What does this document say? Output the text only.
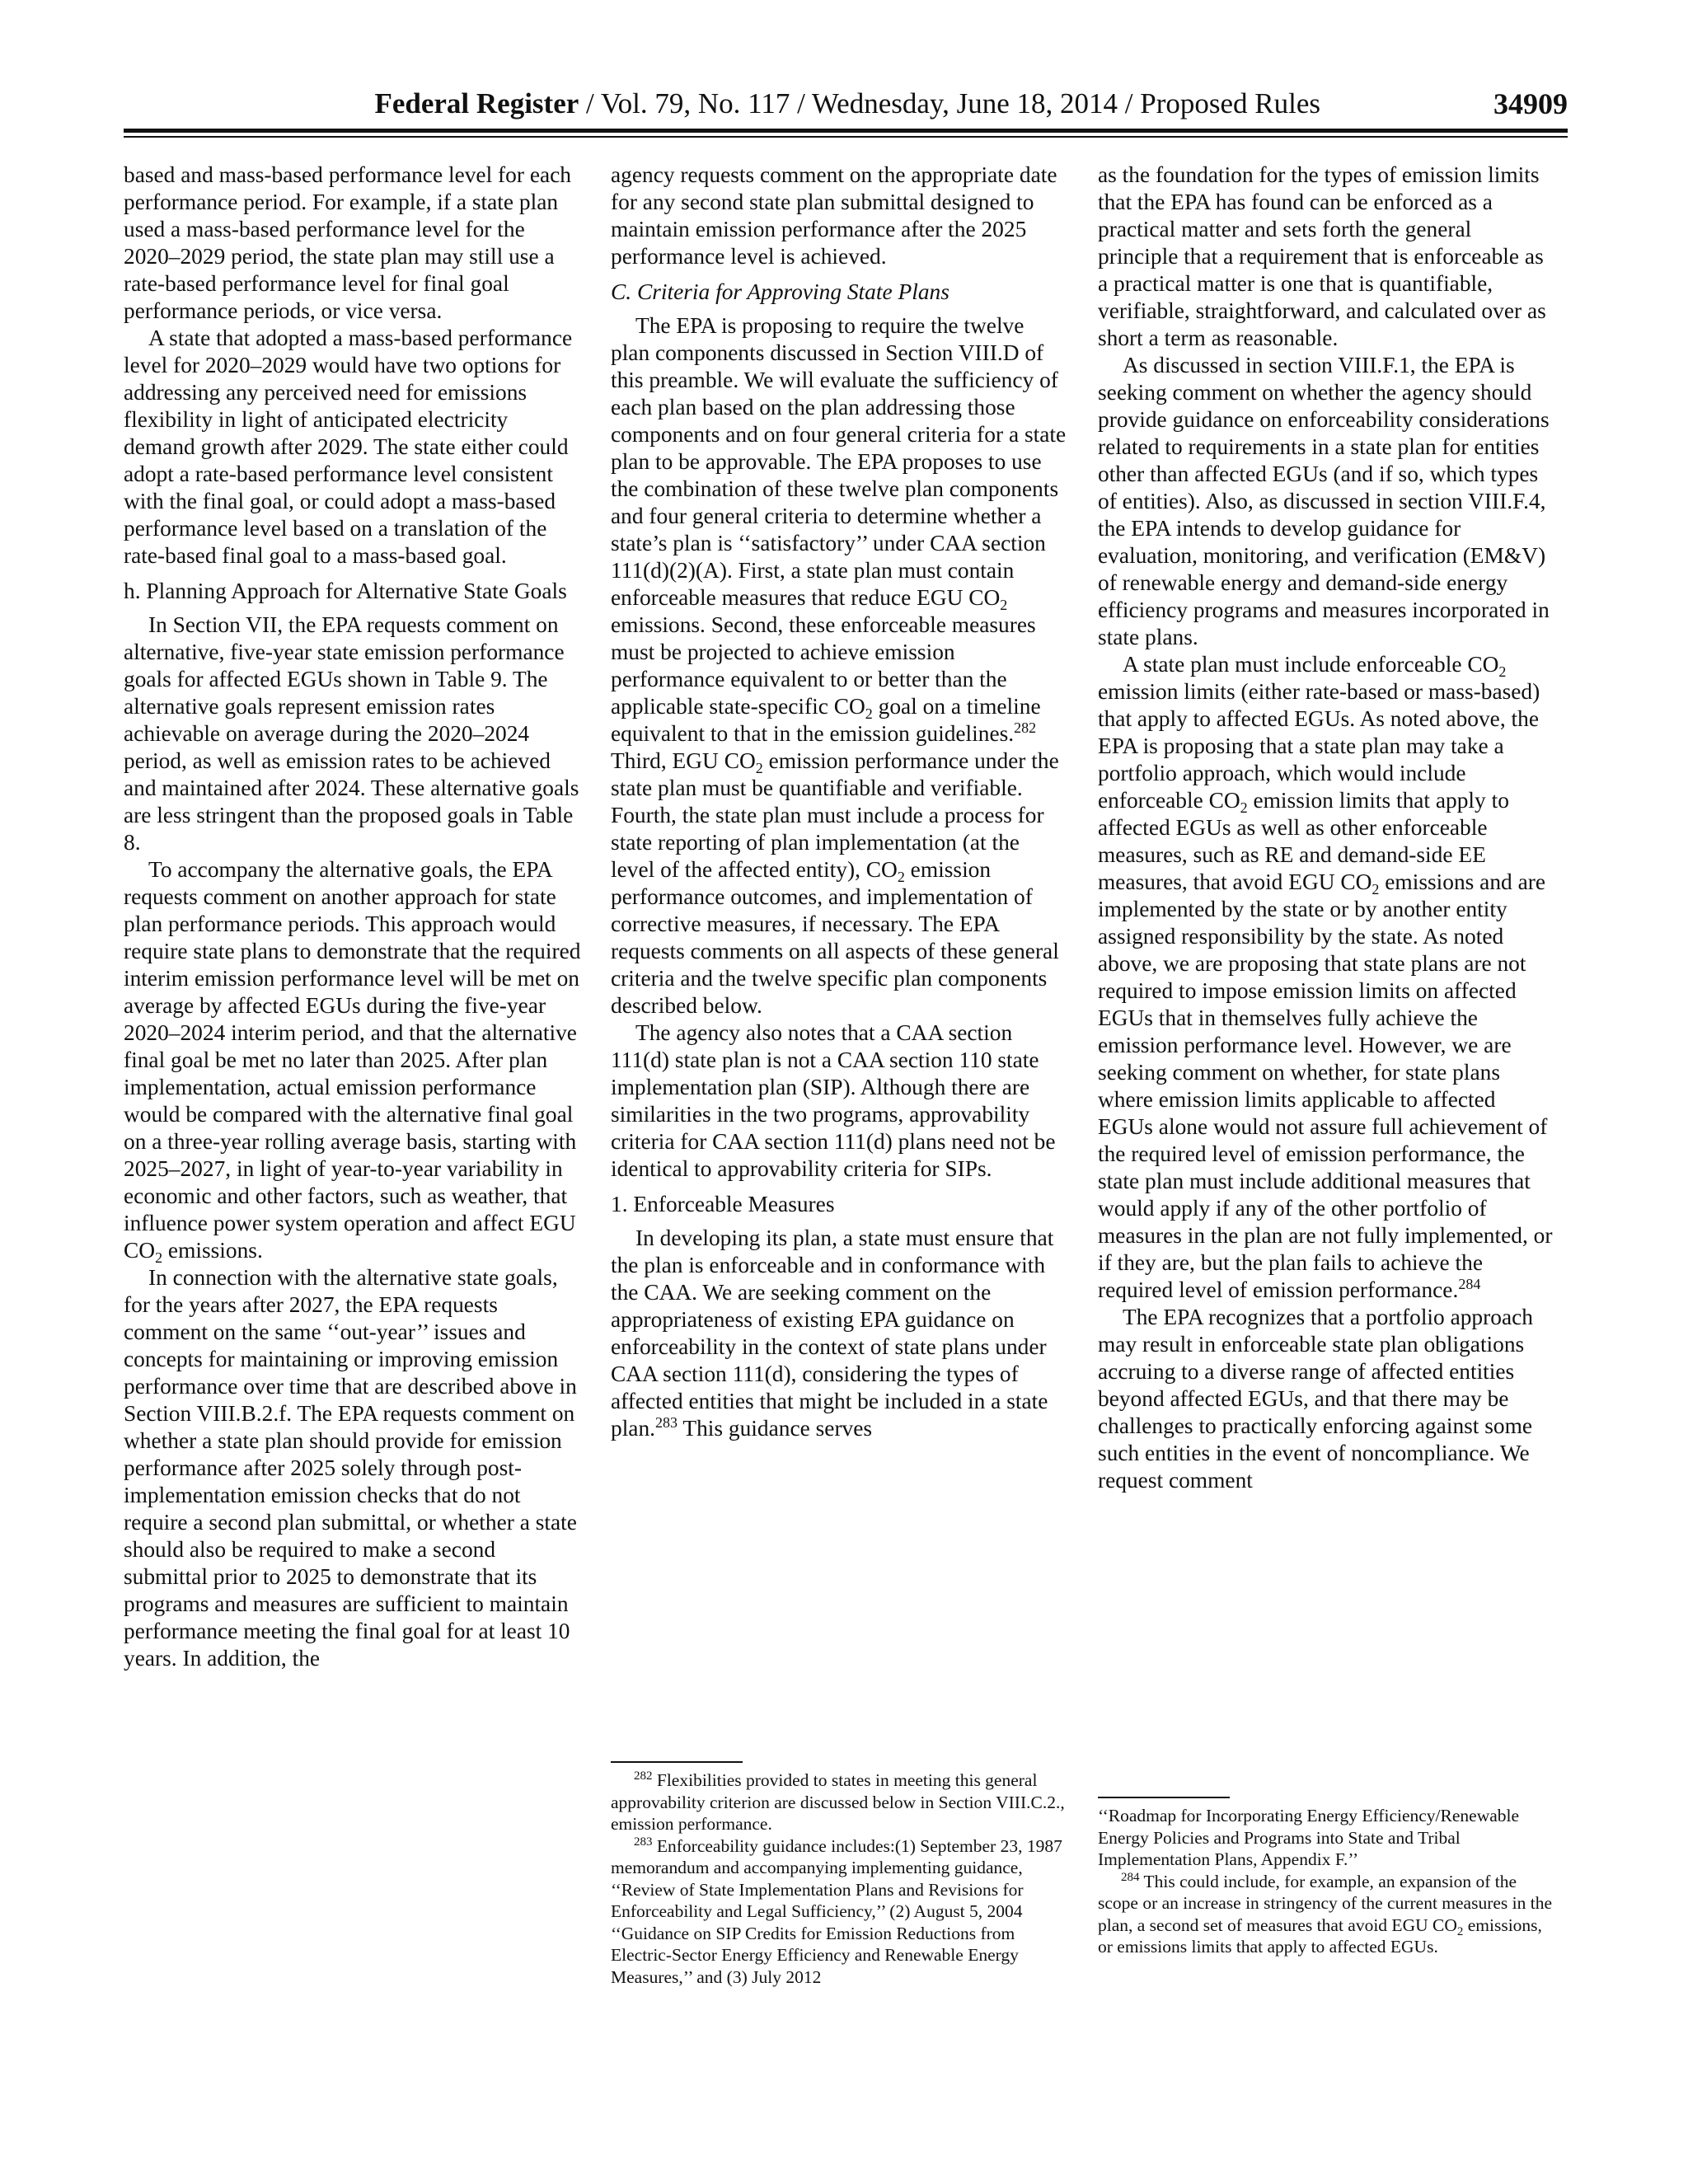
Federal Register / Vol. 79, No. 117 / Wednesday, June 18, 2014 / Proposed Rules	34909

based and mass-based performance level for each performance period. For example, if a state plan used a mass-based performance level for the 2020–2029 period, the state plan may still use a rate-based performance level for final goal performance periods, or vice versa.

A state that adopted a mass-based performance level for 2020–2029 would have two options for addressing any perceived need for emissions flexibility in light of anticipated electricity demand growth after 2029. The state either could adopt a rate-based performance level consistent with the final goal, or could adopt a mass-based performance level based on a translation of the rate-based final goal to a mass-based goal.

h. Planning Approach for Alternative State Goals

In Section VII, the EPA requests comment on alternative, five-year state emission performance goals for affected EGUs shown in Table 9. The alternative goals represent emission rates achievable on average during the 2020–2024 period, as well as emission rates to be achieved and maintained after 2024. These alternative goals are less stringent than the proposed goals in Table 8.

To accompany the alternative goals, the EPA requests comment on another approach for state plan performance periods. This approach would require state plans to demonstrate that the required interim emission performance level will be met on average by affected EGUs during the five-year 2020–2024 interim period, and that the alternative final goal be met no later than 2025. After plan implementation, actual emission performance would be compared with the alternative final goal on a three-year rolling average basis, starting with 2025–2027, in light of year-to-year variability in economic and other factors, such as weather, that influence power system operation and affect EGU $CO_2$ emissions.

In connection with the alternative state goals, for the years after 2027, the EPA requests comment on the same ‘‘out-year’’ issues and concepts for maintaining or improving emission performance over time that are described above in Section VIII.B.2.f. The EPA requests comment on whether a state plan should provide for emission performance after 2025 solely through post-implementation emission checks that do not require a second plan submittal, or whether a state should also be required to make a second submittal prior to 2025 to demonstrate that its programs and measures are sufficient to maintain performance meeting the final goal for at least 10 years. In addition, the

agency requests comment on the appropriate date for any second state plan submittal designed to maintain emission performance after the 2025 performance level is achieved.

C. Criteria for Approving State Plans

The EPA is proposing to require the twelve plan components discussed in Section VIII.D of this preamble. We will evaluate the sufficiency of each plan based on the plan addressing those components and on four general criteria for a state plan to be approvable. The EPA proposes to use the combination of these twelve plan components and four general criteria to determine whether a state’s plan is ‘‘satisfactory’’ under CAA section 111(d)(2)(A). First, a state plan must contain enforceable measures that reduce EGU $CO_2$ emissions. Second, these enforceable measures must be projected to achieve emission performance equivalent to or better than the applicable state-specific $CO_2$ goal on a timeline equivalent to that in the emission guidelines.$^{282}$ Third, EGU $CO_2$ emission performance under the state plan must be quantifiable and verifiable. Fourth, the state plan must include a process for state reporting of plan implementation (at the level of the affected entity), $CO_2$ emission performance outcomes, and implementation of corrective measures, if necessary. The EPA requests comments on all aspects of these general criteria and the twelve specific plan components described below.

The agency also notes that a CAA section 111(d) state plan is not a CAA section 110 state implementation plan (SIP). Although there are similarities in the two programs, approvability criteria for CAA section 111(d) plans need not be identical to approvability criteria for SIPs.

1. Enforceable Measures

In developing its plan, a state must ensure that the plan is enforceable and in conformance with the CAA. We are seeking comment on the appropriateness of existing EPA guidance on enforceability in the context of state plans under CAA section 111(d), considering the types of affected entities that might be included in a state plan.$^{283}$ This guidance serves

$^{282}$ Flexibilities provided to states in meeting this general approvability criterion are discussed below in Section VIII.C.2., emission performance.

$^{283}$ Enforceability guidance includes:(1) September 23, 1987 memorandum and accompanying implementing guidance, ‘‘Review of State Implementation Plans and Revisions for Enforceability and Legal Sufficiency,’’ (2) August 5, 2004 ‘‘Guidance on SIP Credits for Emission Reductions from Electric-Sector Energy Efficiency and Renewable Energy Measures,’’ and (3) July 2012

as the foundation for the types of emission limits that the EPA has found can be enforced as a practical matter and sets forth the general principle that a requirement that is enforceable as a practical matter is one that is quantifiable, verifiable, straightforward, and calculated over as short a term as reasonable.

As discussed in section VIII.F.1, the EPA is seeking comment on whether the agency should provide guidance on enforceability considerations related to requirements in a state plan for entities other than affected EGUs (and if so, which types of entities). Also, as discussed in section VIII.F.4, the EPA intends to develop guidance for evaluation, monitoring, and verification (EM&V) of renewable energy and demand-side energy efficiency programs and measures incorporated in state plans.

A state plan must include enforceable $CO_2$ emission limits (either rate-based or mass-based) that apply to affected EGUs. As noted above, the EPA is proposing that a state plan may take a portfolio approach, which would include enforceable $CO_2$ emission limits that apply to affected EGUs as well as other enforceable measures, such as RE and demand-side EE measures, that avoid EGU $CO_2$ emissions and are implemented by the state or by another entity assigned responsibility by the state. As noted above, we are proposing that state plans are not required to impose emission limits on affected EGUs that in themselves fully achieve the emission performance level. However, we are seeking comment on whether, for state plans where emission limits applicable to affected EGUs alone would not assure full achievement of the required level of emission performance, the state plan must include additional measures that would apply if any of the other portfolio of measures in the plan are not fully implemented, or if they are, but the plan fails to achieve the required level of emission performance.$^{284}$

The EPA recognizes that a portfolio approach may result in enforceable state plan obligations accruing to a diverse range of affected entities beyond affected EGUs, and that there may be challenges to practically enforcing against some such entities in the event of noncompliance. We request comment

‘‘Roadmap for Incorporating Energy Efficiency/Renewable Energy Policies and Programs into State and Tribal Implementation Plans, Appendix F.’’

$^{284}$ This could include, for example, an expansion of the scope or an increase in stringency of the current measures in the plan, a second set of measures that avoid EGU $CO_2$ emissions, or emissions limits that apply to affected EGUs.
